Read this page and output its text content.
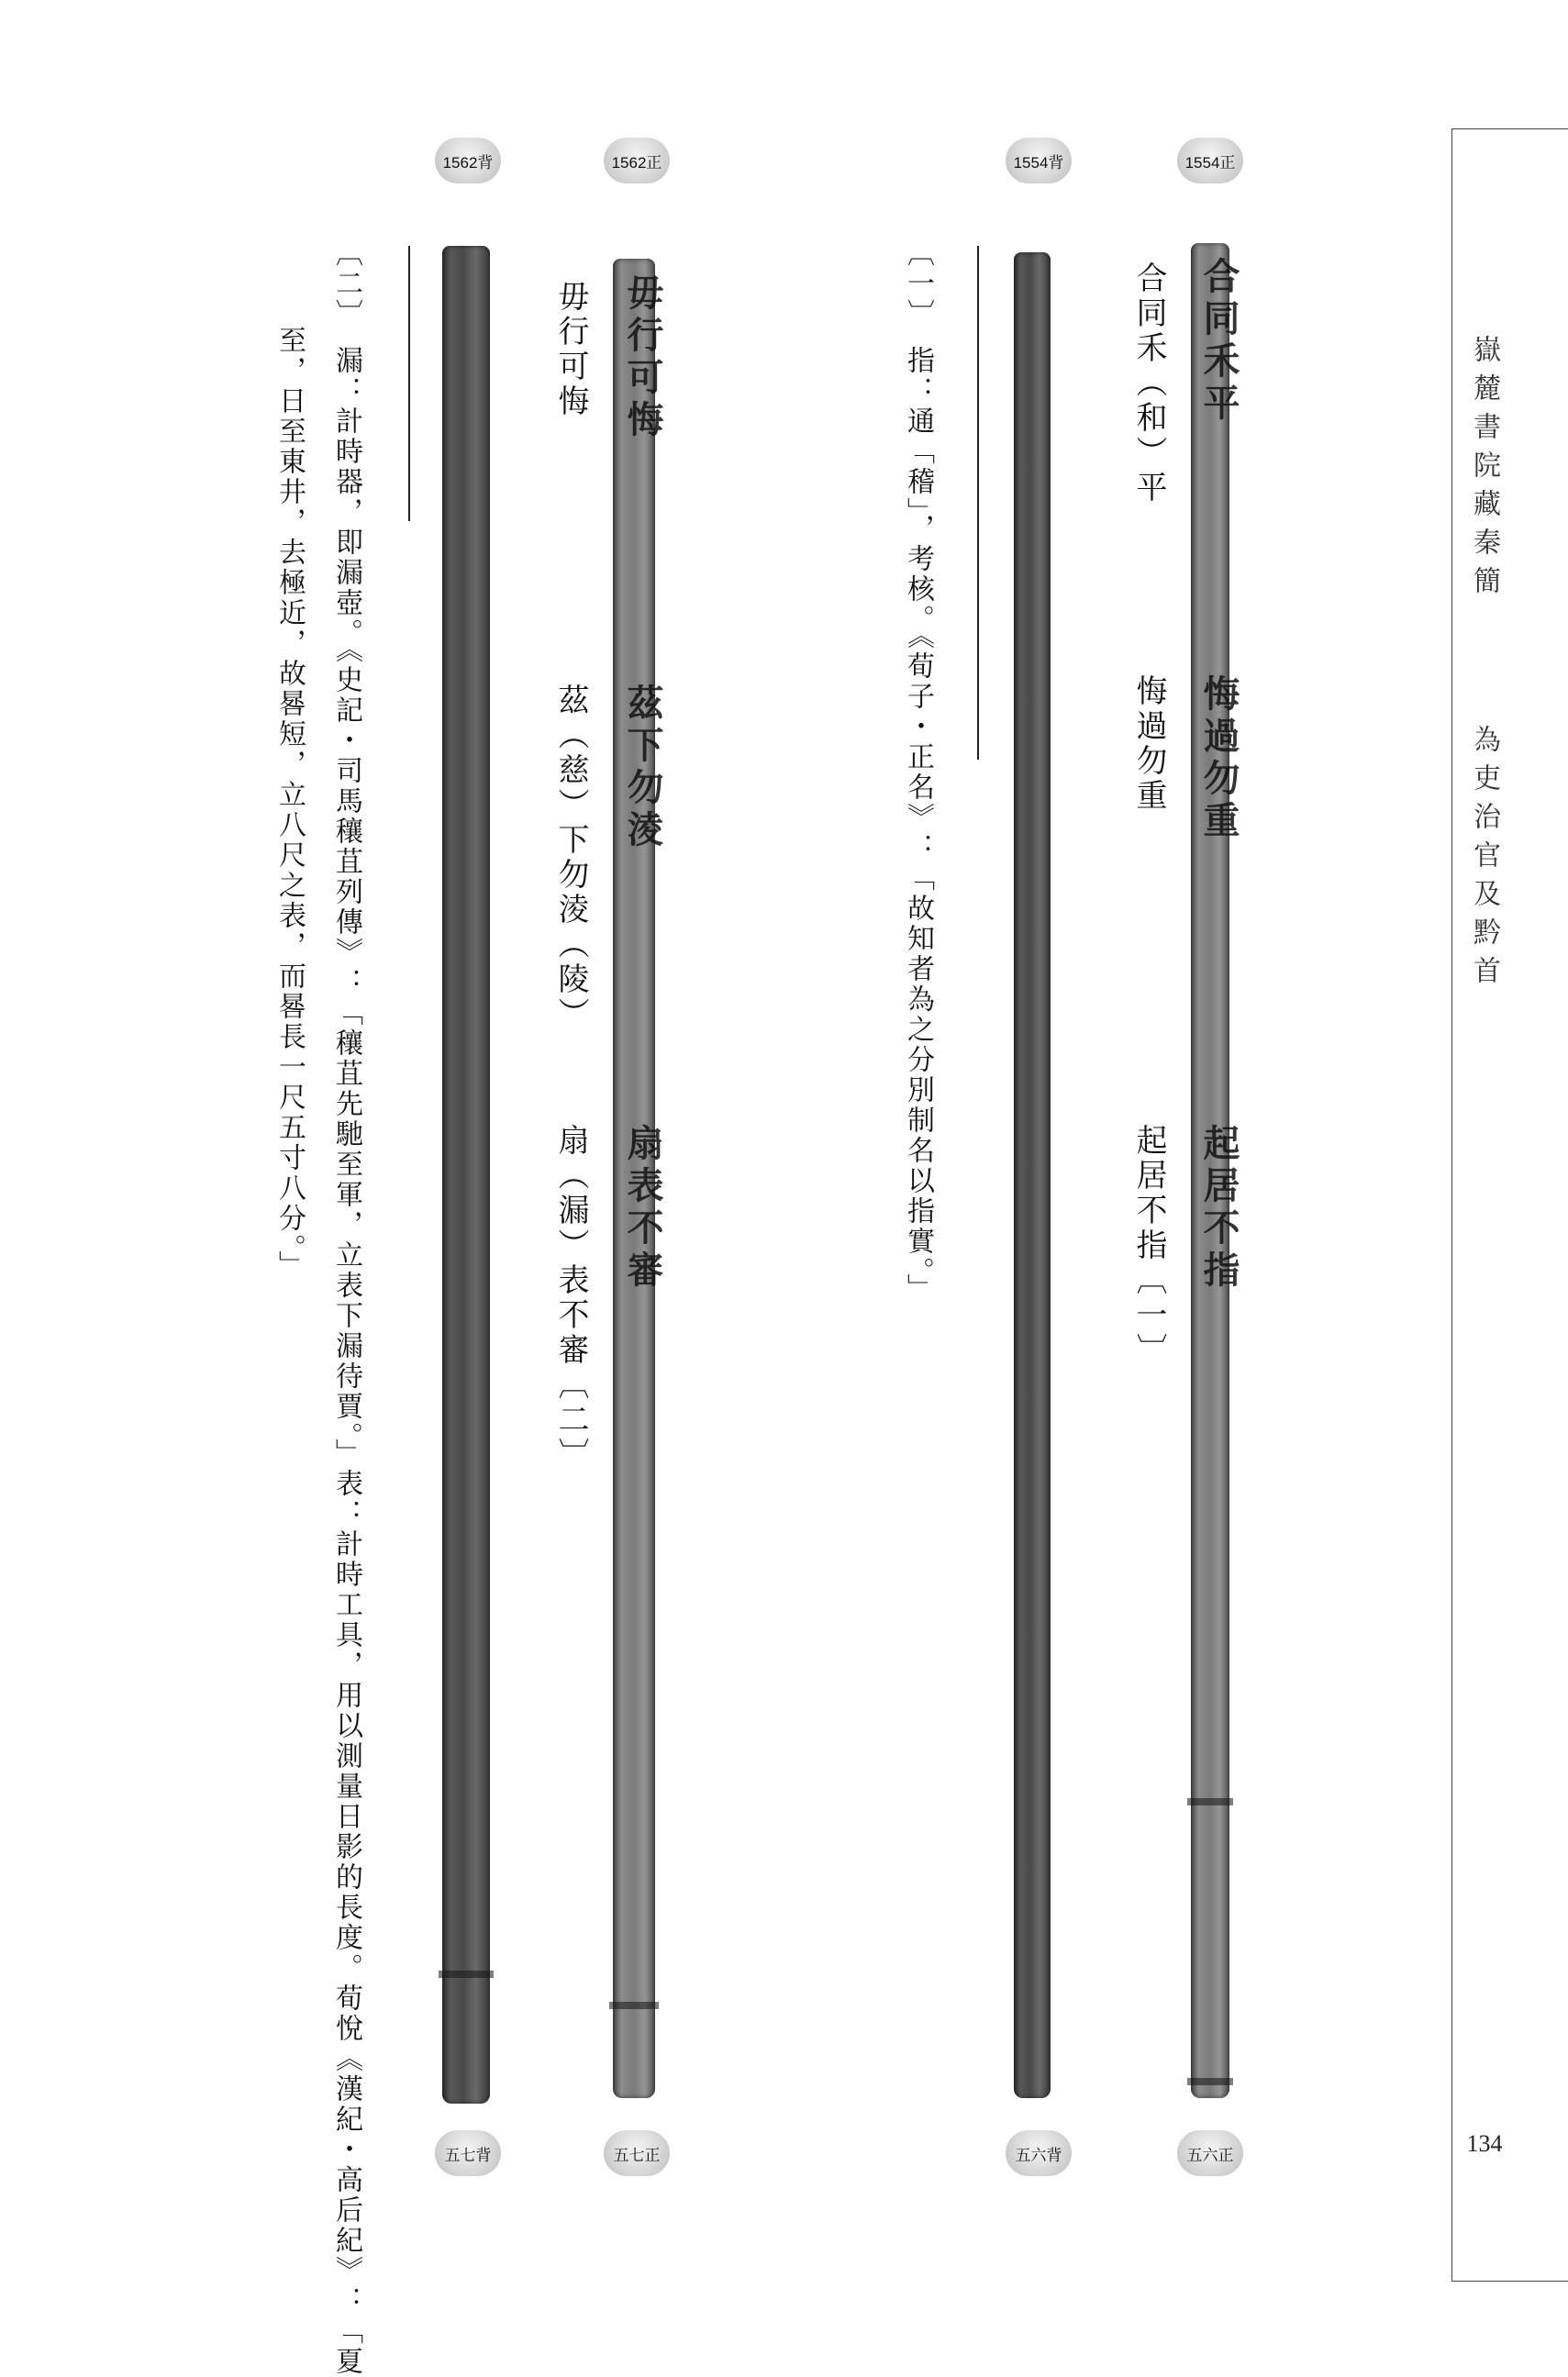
嶽麓書院藏秦簡
為吏治官及黔首
134
1562背	1562正	1554背	1554正
五七背	五七正	五六背	五六正
合同禾平
悔過勿重
起居不指
合同禾（和）平
悔過勿重
起居不指〔一〕
〔一〕　指：通「稽」，考核。《荀子・正名》：「故知者為之分別制名以指實。」
毋行可悔
茲下勿淩
扇表不審
毋行可悔
茲（慈）下勿淩（陵）
扇（漏）表不審〔二〕
〔二〕　漏：計時器，即漏壺。《史記・司馬穰苴列傳》：「穰苴先馳至軍，立表下漏待賈。」表：計時工具，用以測量日影的長度。荀悅《漢紀・高后紀》：「夏
至，日至東井，去極近，故晷短，立八尺之表，而晷長一尺五寸八分。」
